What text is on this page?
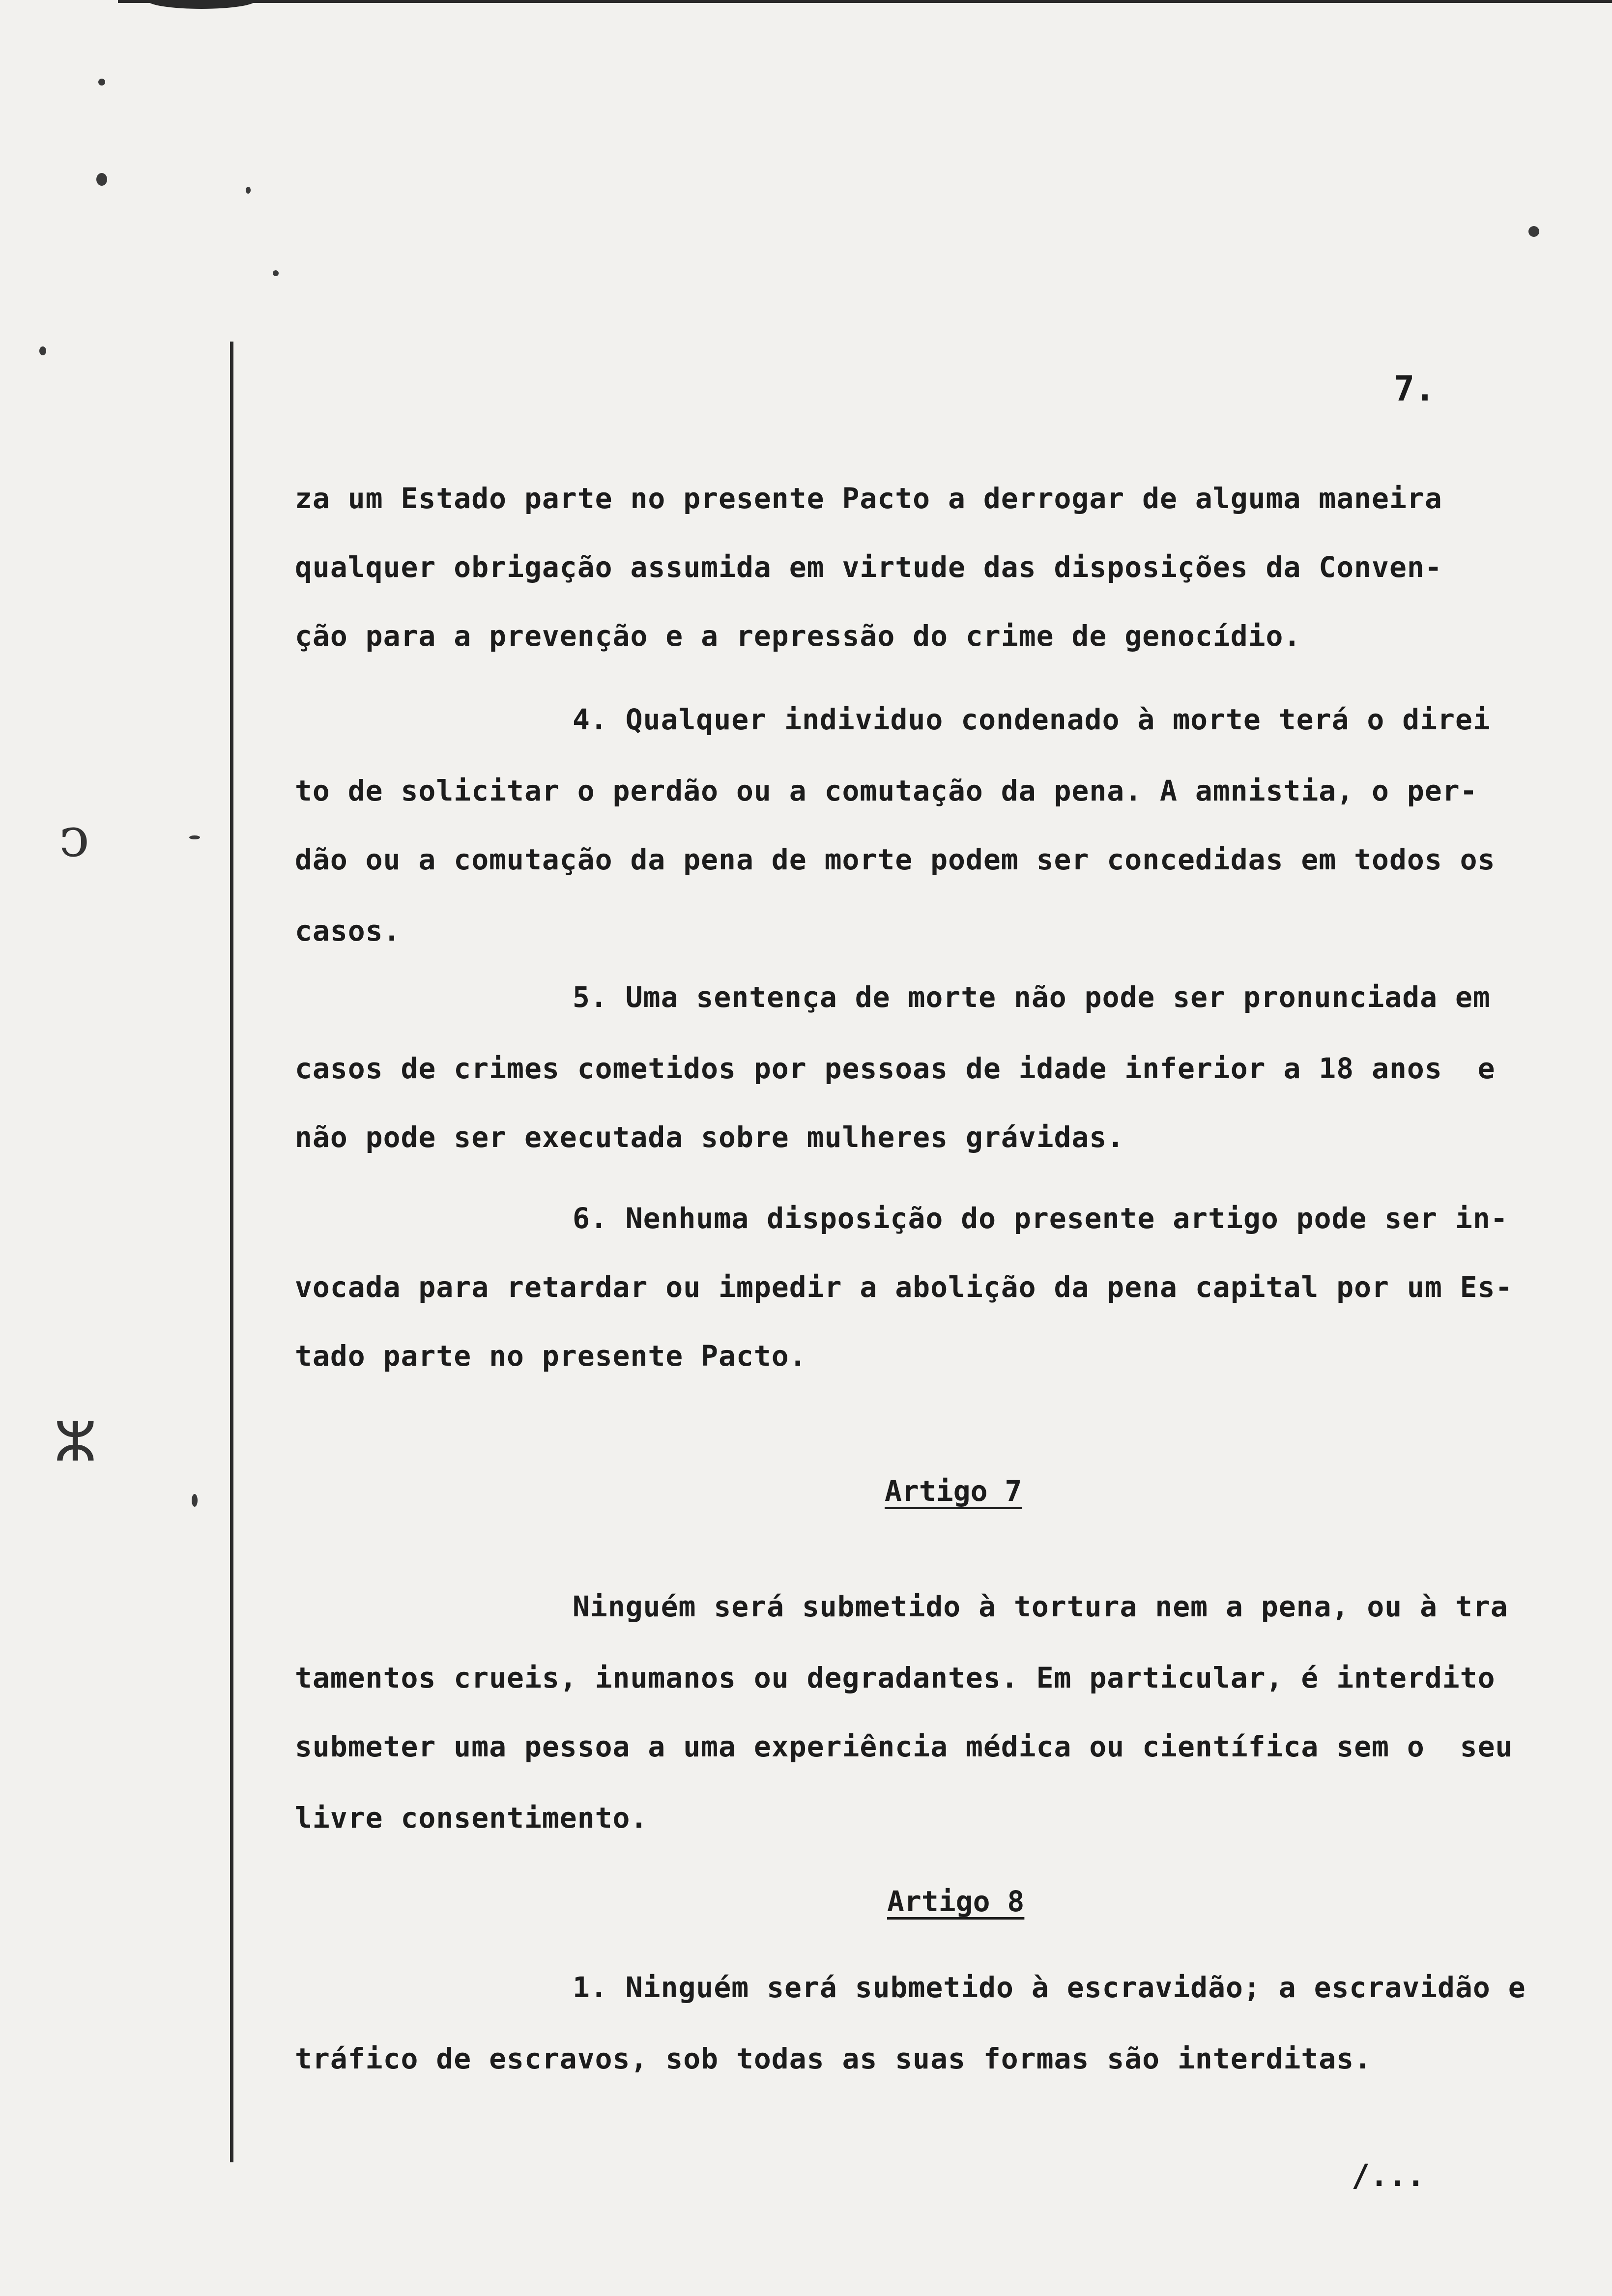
ↄ
ⵣ
7.
za um Estado parte no presente Pacto a derrogar de alguma maneira
qualquer obrigação assumida em virtude das disposições da Conven-
ção para a prevenção e a repressão do crime de genocídio.
4. Qualquer individuo condenado à morte terá o direi
to de solicitar o perdão ou a comutação da pena. A amnistia, o per-
dão ou a comutação da pena de morte podem ser concedidas em todos os
casos.
5. Uma sentença de morte não pode ser pronunciada em
casos de crimes cometidos por pessoas de idade inferior a 18 anos  e
não pode ser executada sobre mulheres grávidas.
6. Nenhuma disposição do presente artigo pode ser in-
vocada para retardar ou impedir a abolição da pena capital por um Es-
tado parte no presente Pacto.
Artigo 7
Ninguém será submetido à tortura nem a pena, ou à tra
tamentos crueis, inumanos ou degradantes. Em particular, é interdito
submeter uma pessoa a uma experiência médica ou científica sem o  seu
livre consentimento.
Artigo 8
1. Ninguém será submetido à escravidão; a escravidão e
tráfico de escravos, sob todas as suas formas são interditas.
/...
